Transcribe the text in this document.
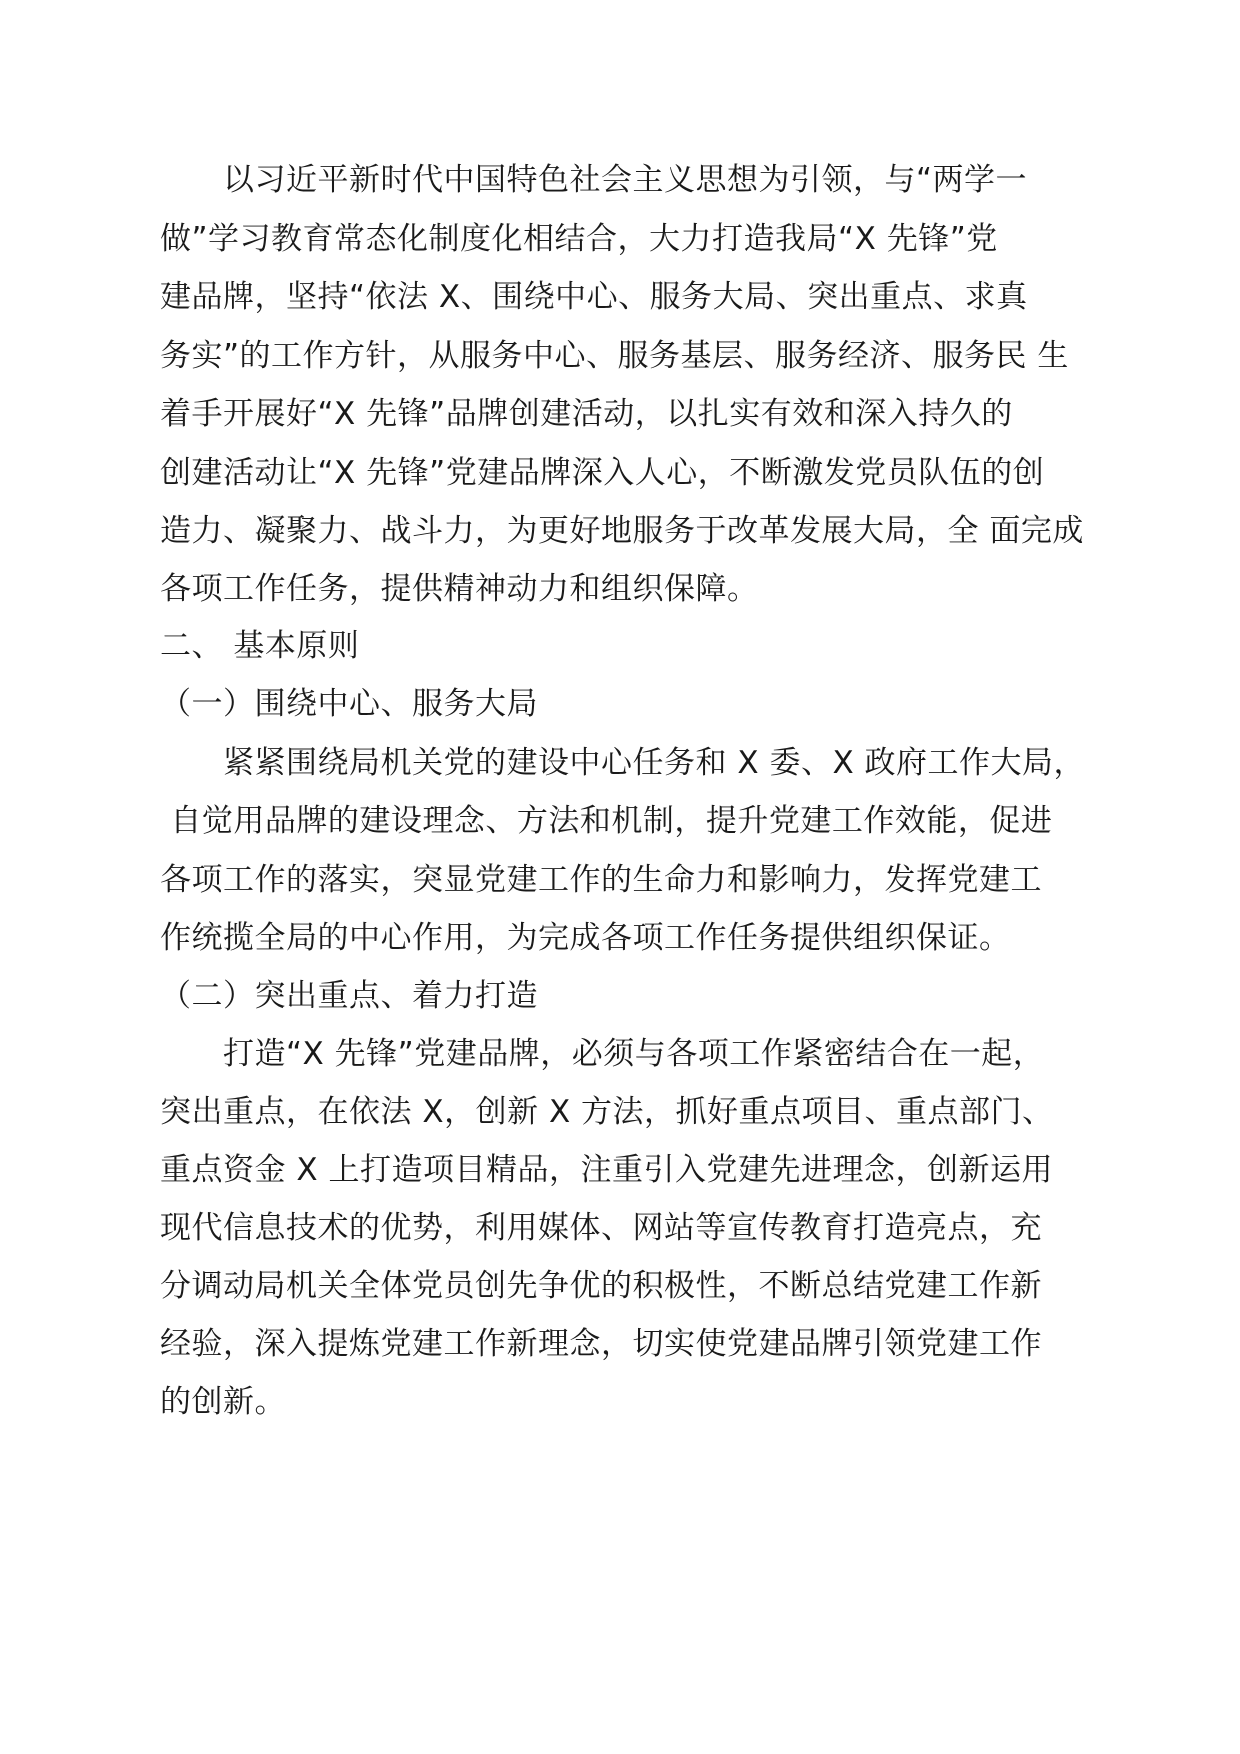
　　以习近平新时代中国特色社会主义思想为引领，与“两学一
做”学习教育常态化制度化相结合，大力打造我局“X 先锋”党
建品牌，坚持“依法 X、围绕中心、服务大局、突出重点、求真
务实”的工作方针，从服务中心、服务基层、服务经济、服务民 生
着手开展好“X 先锋”品牌创建活动，以扎实有效和深入持久的
创建活动让“X 先锋”党建品牌深入人心，不断激发党员队伍的创
造力、凝聚力、战斗力，为更好地服务于改革发展大局，全 面完成
各项工作任务，提供精神动力和组织保障。
二、 基本原则
（一）围绕中心、服务大局
　　紧紧围绕局机关党的建设中心任务和 X 委、X 政府工作大局，
自觉用品牌的建设理念、方法和机制，提升党建工作效能，促进
各项工作的落实，突显党建工作的生命力和影响力，发挥党建工
作统揽全局的中心作用，为完成各项工作任务提供组织保证。
（二）突出重点、着力打造
　　打造“X 先锋”党建品牌，必须与各项工作紧密结合在一起，
突出重点，在依法 X，创新 X 方法，抓好重点项目、重点部门、
重点资金 X 上打造项目精品，注重引入党建先进理念，创新运用
现代信息技术的优势，利用媒体、网站等宣传教育打造亮点，充
分调动局机关全体党员创先争优的积极性，不断总结党建工作新
经验，深入提炼党建工作新理念，切实使党建品牌引领党建工作
的创新。
